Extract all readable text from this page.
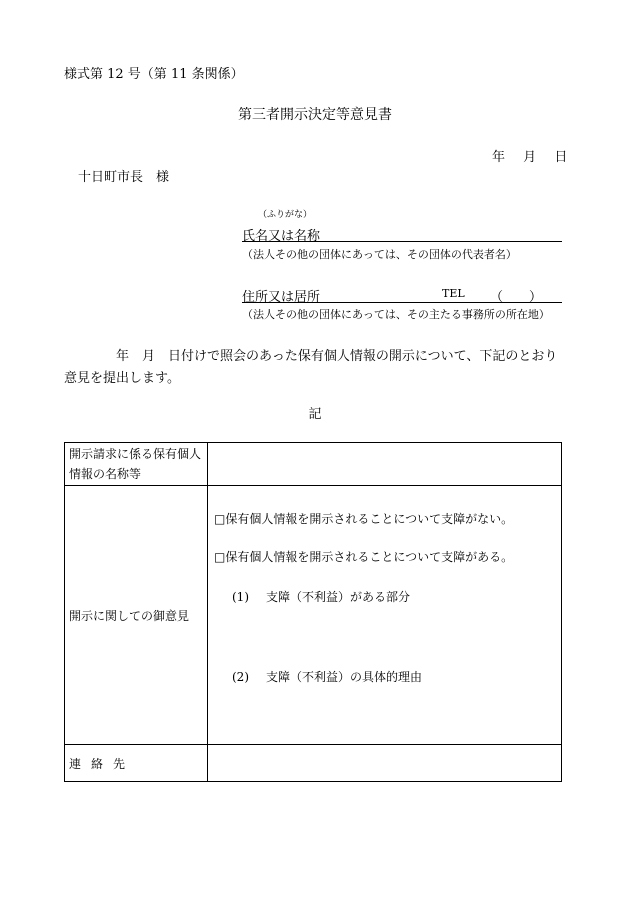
様式第 12 号（第 11 条関係）
第三者開示決定等意見書
年 月 日
十日町市長　様
（ふりがな）
氏名又は名称
（法人その他の団体にあっては、その団体の代表者名）
住所又は居所	TEL （　　）
（法人その他の団体にあっては、その主たる事務所の所在地）
年　月　日付けで照会のあった保有個人情報の開示について、下記のとおり意見を提出します。
記
開示請求に係る保有個人情報の名称等	

開示に関しての御意見	□保有個人情報を開示されることについて支障がない。
□保有個人情報を開示されることについて支障がある。
(1) 支障（不利益）がある部分
(2) 支障（不利益）の具体的理由

連絡先	
